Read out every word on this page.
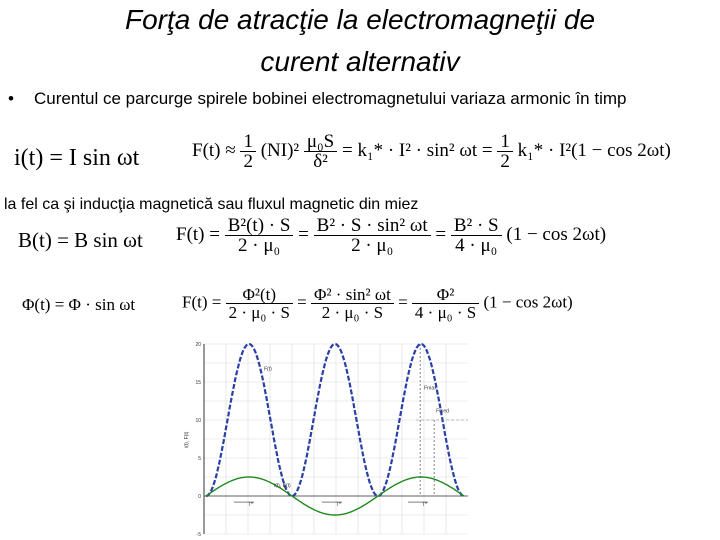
Forţa de atracţie la electromagneţii de
curent alternativ
• Curentul ce parcurge spirele bobinei electromagnetului variaza armonic în timp
i(t) = I sin ωt	$F(t) \approx \frac{1}{2} (NI)^2 \frac{\text{μ₀S}}{\text{δ²}} = k_1* \cdot I^2 \cdot \sin^2$ $\omega t = \frac{1}{2} k_1* \cdot I^2(1 - \cos 2\omega t)$
la fel ca şi inducţia magnetică sau fluxul magnetic din miez
B(t) = B sin ωt $F(t) = \frac{\text{B²(t) · S}}{\text{2 · μ₀}} = \frac{\text{B² · S · sin² ωt}}{\text{2 · μ₀}} = \frac{\text{B² · S}}{\text{4 · μ₀}} (1 - \cos 2\omega t)$
Φ(t) = Φ · sin ωt	$F(t) = \frac{\text{Φ²(t)}}{\text{2 · μ₀ · S}} = \frac{\text{Φ² · sin² ωt}}{\text{2 · μ₀ · S}} = \frac{\text{Φ²}}{\text{4 · μ₀ · S}} (1 - \cos 2\omega t)$
20
15
10
5
0
-5
i(t), F(t)
F(t)
Fmax
Fmed
i(t), B(t)
T*	T*	T*
